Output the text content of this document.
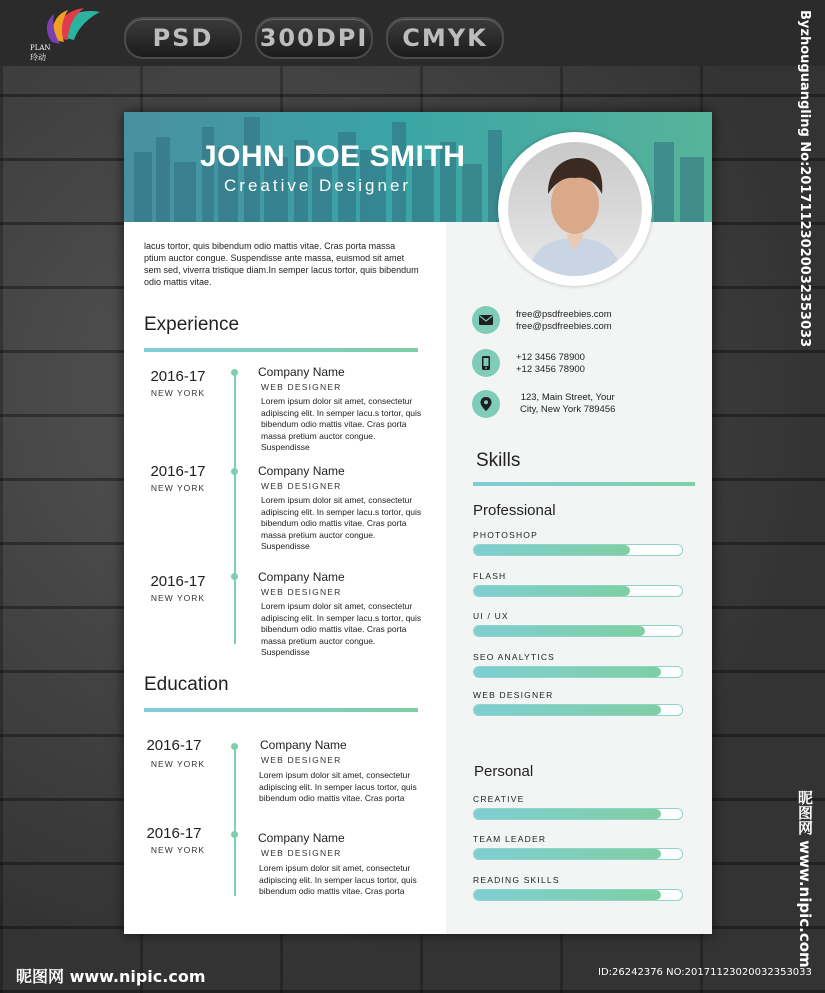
PLAN
玲动
PSD	300DPI	CMYK	Byzhouguangling No:20171123020032353033
昵图网 www.nipic.com
昵图网 www.nipic.com	ID:26242376 NO:20171123020032353033
JOHN DOE SMITH
Creative Designer
lacus tortor, quis bibendum odio mattis vitae. Cras porta massa ptium auctor congue. Suspendisse ante massa, euismod sit amet sem sed, viverra tristique diam.In semper lacus tortor, quis bibendum odio mattis vitae.
Experience
2016-17
NEW YORK
Company Name
WEB DESIGNER
Lorem ipsum dolor sit amet, consectetur adipiscing elit. In semper lacu.s tortor, quis bibendum odio mattis vitae. Cras porta massa pretium auctor congue. Suspendisse
2016-17
NEW YORK
Company Name
WEB DESIGNER
Lorem ipsum dolor sit amet, consectetur adipiscing elit. In semper lacu.s tortor, quis bibendum odio mattis vitae. Cras porta massa pretium auctor congue. Suspendisse
2016-17
NEW YORK
Company Name
WEB DESIGNER
Lorem ipsum dolor sit amet, consectetur adipiscing elit. In semper lacu.s tortor, quis bibendum odio mattis vitae. Cras porta massa pretium auctor congue. Suspendisse
Education
2016-17
NEW YORK
Company Name
WEB DESIGNER
Lorem ipsum dolor sit amet, consectetur adipiscing elit. In semper lacus tortor, quis bibendum odio mattis vitae. Cras porta
2016-17
NEW YORK
Company Name
WEB DESIGNER
Lorem ipsum dolor sit amet, consectetur adipiscing elit. In semper lacus tortor, quis bibendum odio mattis vitae. Cras porta
free@psdfreebies.com
free@psdfreebies.com
+12 3456 78900
+12 3456 78900
123, Main Street, Your
City, New York 789456
Skills
Professional
PHOTOSHOP
FLASH
UI / UX
SEO ANALYTICS
WEB DESIGNER
Personal
CREATIVE
TEAM LEADER
READING SKILLS
